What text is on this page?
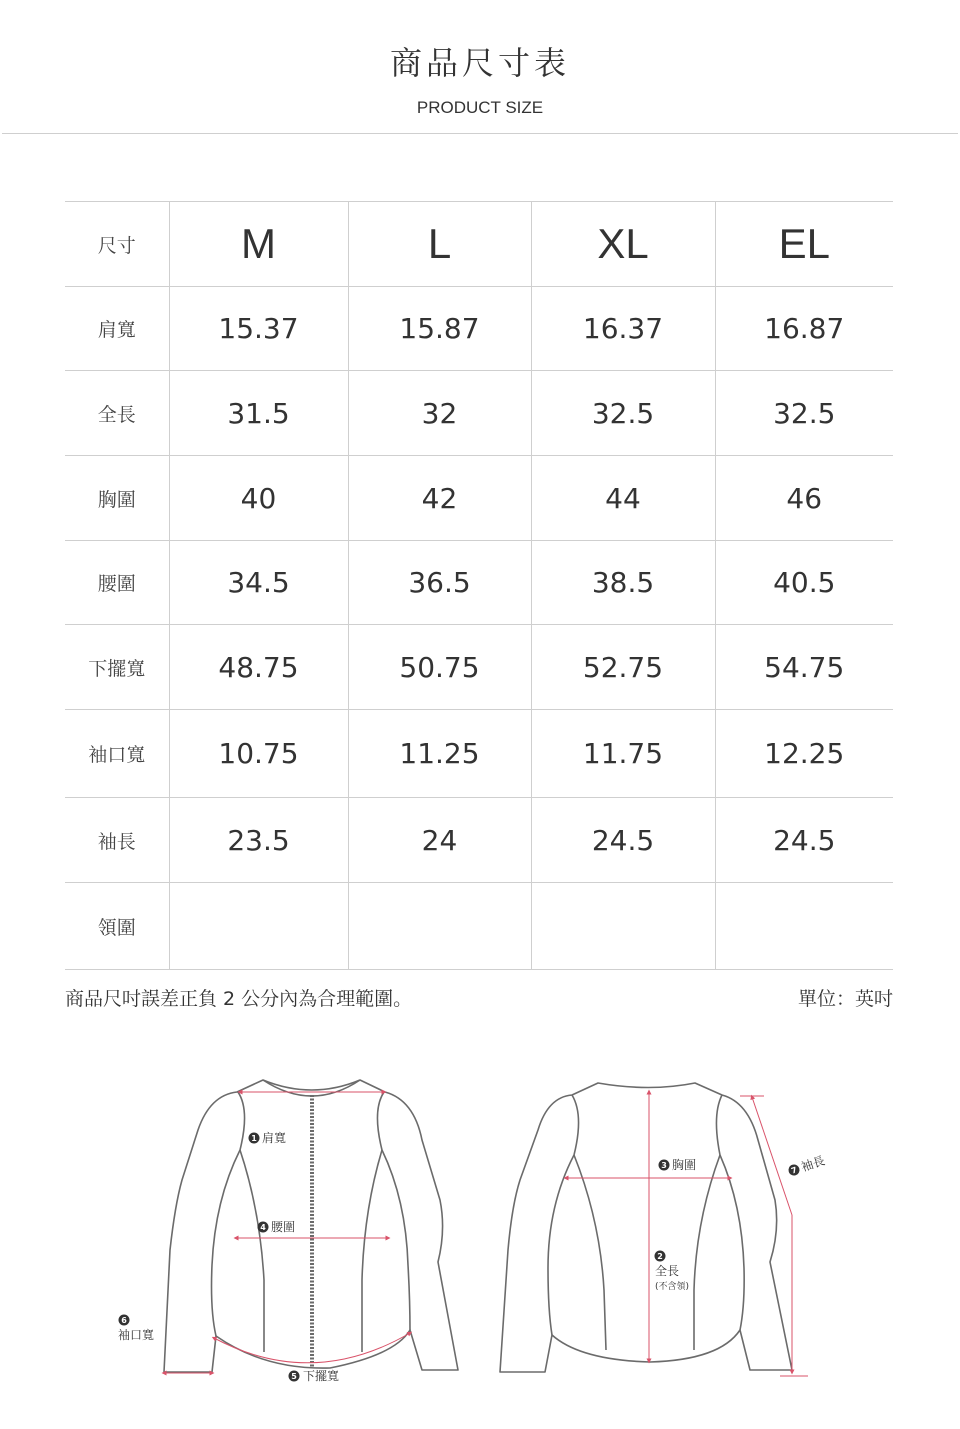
商品尺寸表
PRODUCT SIZE
尺寸	M	L	XL	EL
肩寬	15.37	15.87	16.37	16.87
全長	31.5	32	32.5	32.5
胸圍	40	42	44	46
腰圍	34.5	36.5	38.5	40.5
下擺寬	48.75	50.75	52.75	54.75
袖口寬	10.75	11.25	11.75	12.25
袖長	23.5	24	24.5	24.5
領圍				
商品尺吋誤差正負 2 公分內為合理範圍。	單位：英吋
1 肩寬
4 腰圍
5 下擺寬
6
袖口寬
3 胸圍
2
全長
(不含領)
7 袖長
